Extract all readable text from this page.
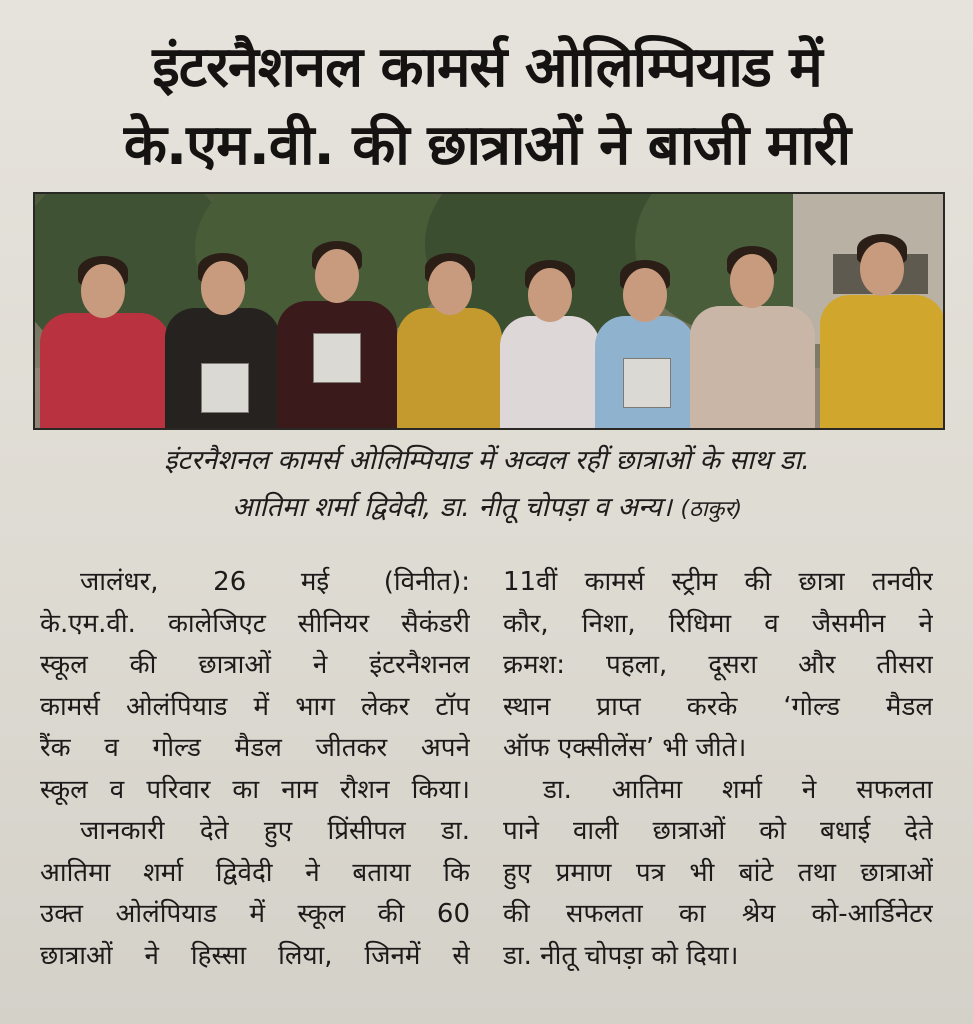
इंटरनैशनल कामर्स ओलिम्पियाड में
के.एम.वी. की छात्राओं ने बाजी मारी
इंटरनैशनल कामर्स ओलिम्पियाड में अव्वल रहीं छात्राओं के साथ डा.
आतिमा शर्मा द्विवेदी, डा. नीतू चोपड़ा व अन्य। (ठाकुर)
जालंधर, 26 मई (विनीत):
के.एम.वी. कालेजिएट सीनियर सैकंडरी
स्कूल की छात्राओं ने इंटरनैशनल
कामर्स ओलंपियाड में भाग लेकर टॉप
रैंक व गोल्ड मैडल जीतकर अपने
स्कूल व परिवार का नाम रौशन किया।
जानकारी देते हुए प्रिंसीपल डा.
आतिमा शर्मा द्विवेदी ने बताया कि
उक्त ओलंपियाड में स्कूल की 60
छात्राओं ने हिस्सा लिया, जिनमें से
11वीं कामर्स स्ट्रीम की छात्रा तनवीर
कौर, निशा, रिधिमा व जैसमीन ने
क्रमश: पहला, दूसरा और तीसरा
स्थान प्राप्त करके ‘गोल्ड मैडल
ऑफ एक्सीलेंस’ भी जीते।
डा. आतिमा शर्मा ने सफलता
पाने वाली छात्राओं को बधाई देते
हुए प्रमाण पत्र भी बांटे तथा छात्राओं
की सफलता का श्रेय को-आर्डिनेटर
डा. नीतू चोपड़ा को दिया।
